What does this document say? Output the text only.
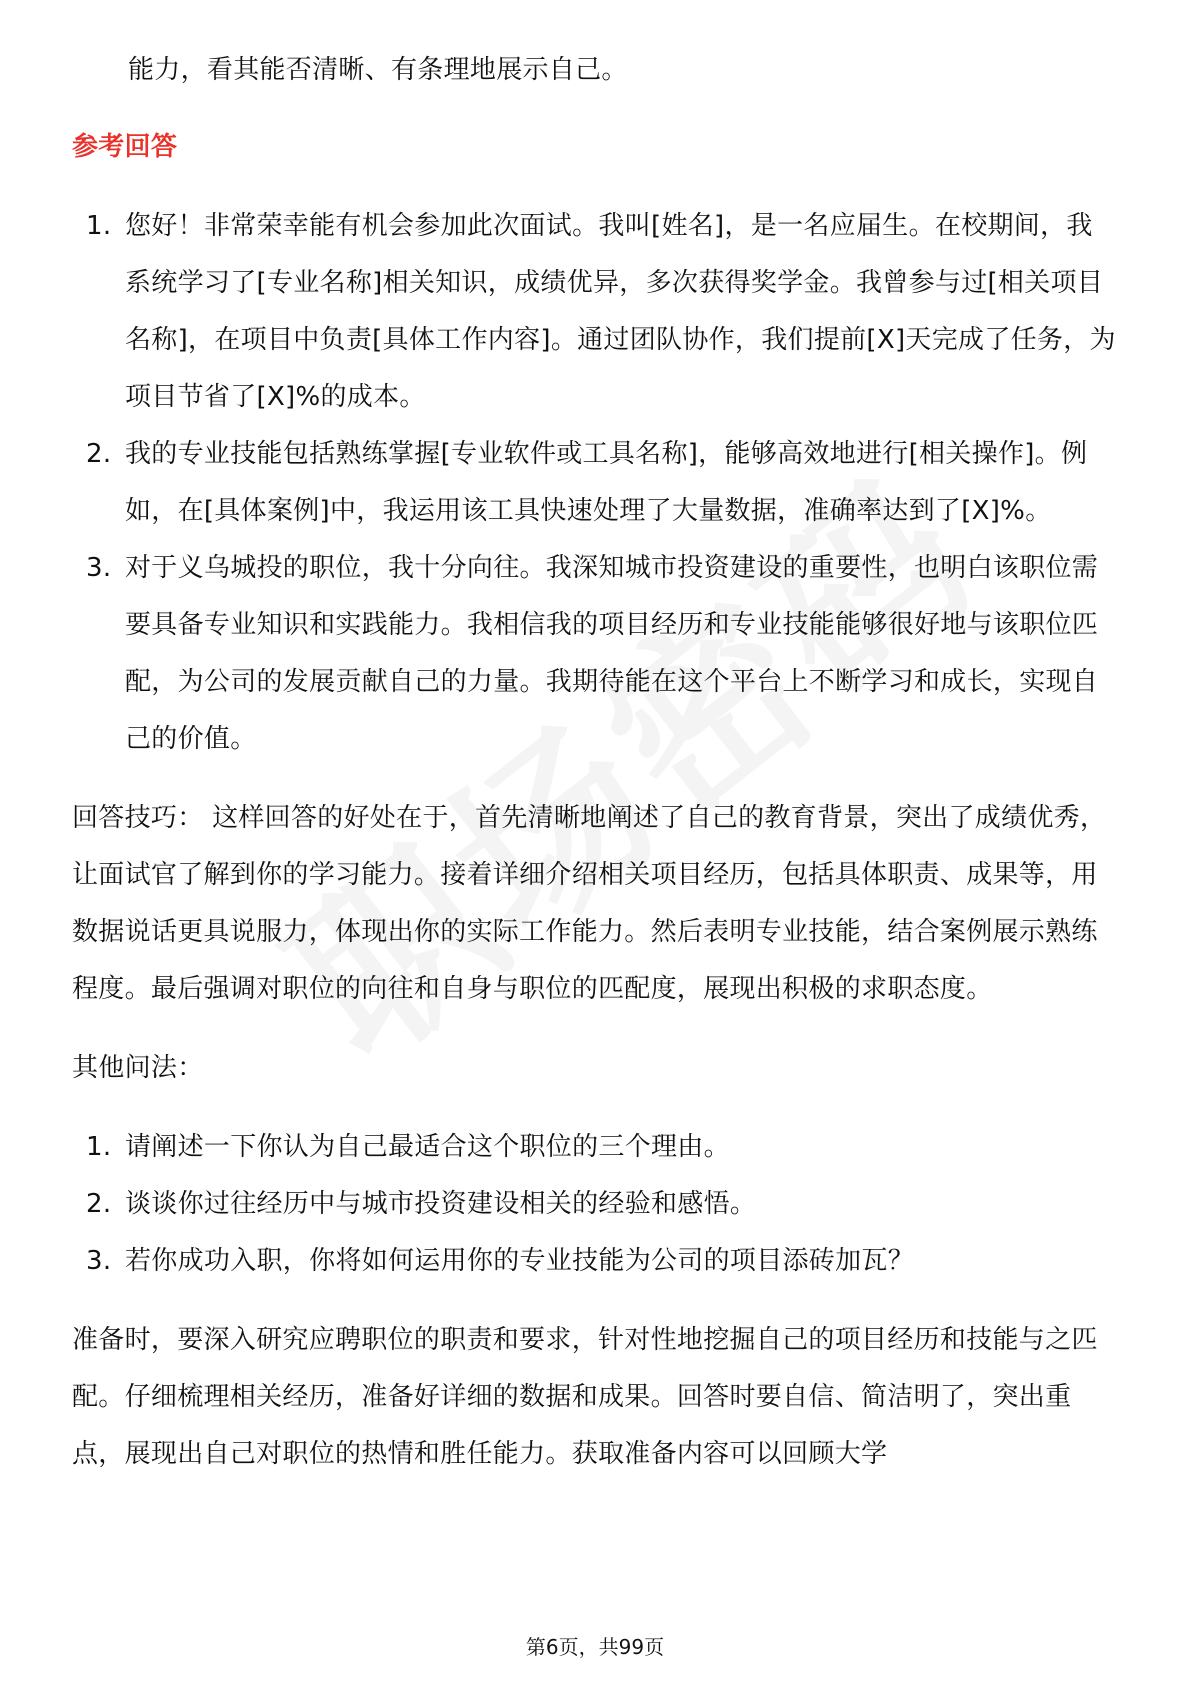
能力，看其能否清晰、有条理地展示自己。

参考回答

1. 您好！非常荣幸能有机会参加此次面试。我叫[姓名]，是一名应届生。在校期间，我系统学习了[专业名称]相关知识，成绩优异，多次获得奖学金。我曾参与过[相关项目名称]，在项目中负责[具体工作内容]。通过团队协作，我们提前[X]天完成了任务，为项目节省了[X]%的成本。
2. 我的专业技能包括熟练掌握[专业软件或工具名称]，能够高效地进行[相关操作]。例如，在[具体案例]中，我运用该工具快速处理了大量数据，准确率达到了[X]%。
3. 对于义乌城投的职位，我十分向往。我深知城市投资建设的重要性，也明白该职位需要具备专业知识和实践能力。我相信我的项目经历和专业技能能够很好地与该职位匹配，为公司的发展贡献自己的力量。我期待能在这个平台上不断学习和成长，实现自己的价值。

回答技巧： 这样回答的好处在于，首先清晰地阐述了自己的教育背景，突出了成绩优秀，让面试官了解到你的学习能力。接着详细介绍相关项目经历，包括具体职责、成果等，用数据说话更具说服力，体现出你的实际工作能力。然后表明专业技能，结合案例展示熟练程度。最后强调对职位的向往和自身与职位的匹配度，展现出积极的求职态度。

其他问法：

1. 请阐述一下你认为自己最适合这个职位的三个理由。
2. 谈谈你过往经历中与城市投资建设相关的经验和感悟。
3. 若你成功入职，你将如何运用你的专业技能为公司的项目添砖加瓦？

准备时，要深入研究应聘职位的职责和要求，针对性地挖掘自己的项目经历和技能与之匹配。仔细梳理相关经历，准备好详细的数据和成果。回答时要自信、简洁明了，突出重点，展现出自己对职位的热情和胜任能力。获取准备内容可以回顾大学

第6页，共99页
